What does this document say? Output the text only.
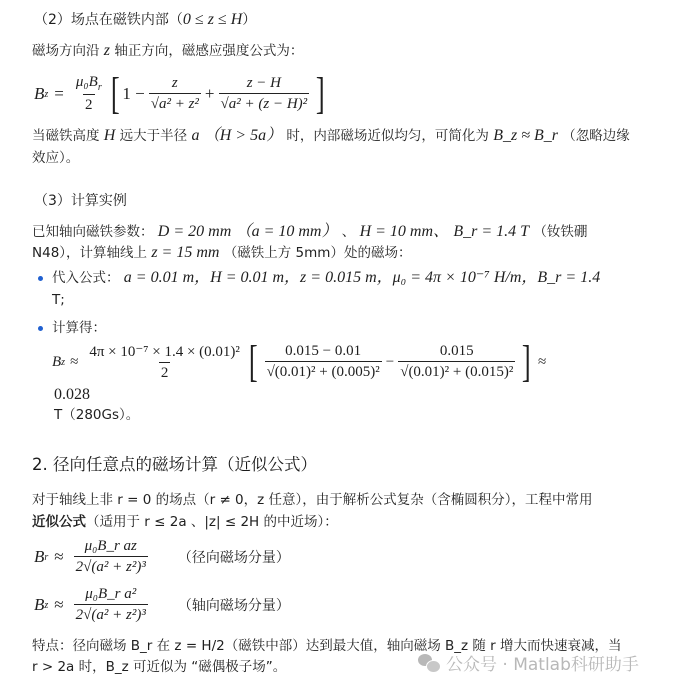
（2）场点在磁铁内部（0 ≤ z ≤ H）
磁场方向沿 z 轴正方向，磁感应强度公式为：
B $z = \frac{\mu_0B_r}{2}$ [ $1 - \frac{z}{\text{√a² + z²}} + \frac{z - H}{\text{√a² + (z − H)²}}$ ]
当磁铁高度 H 远大于半径 a （H > 5a） 时，内部磁场近似均匀，可简化为 B_z ≈ B_r （忽略边缘
效应）。
（3）计算实例
已知轴向磁铁参数： D = 20 mm （a = 10 mm） 、 H = 10 mm、 B_r = 1.4 T （钕铁硼
N48），计算轴线上 z = 15 mm （磁铁上方 5mm）处的磁场：
代入公式： a = 0.01 m，H = 0.01 m，z = 0.015 m，μ₀ = 4π × 10⁻⁷ H/m，B_r = 1.4
T;
计算得：
B $z \approx \frac{\text{4π × 10⁻⁷ × 1.4 × (0.01)²}}{2}$ [ $\frac{0.015 - 0.01}{\text{√(0.01)² + (0.005)²}} - \frac{0.015}{\text{√(0.01)² + (0.015)²}}$ ] ≈
0.028
T（280Gs）。
2. 径向任意点的磁场计算（近似公式）
对于轴线上非 r = 0 的场点（r ≠ 0，z 任意），由于解析公式复杂（含椭圆积分），工程中常用
近似公式（适用于 r ≤ 2a 、|z| ≤ 2H 的中近场）：
B $r \approx \frac{\text{μ₀B\_r az}}{\text{2√(a² + z²)³}}$ （径向磁场分量）
B $z \approx \frac{\text{μ₀B\_r a²}}{\text{2√(a² + z²)³}}$ （轴向磁场分量）
特点：径向磁场 B_r 在 z = H/2（磁铁中部）达到最大值，轴向磁场 B_z 随 r 增大而快速衰减，当
r > 2a 时，B_z 可近似为 “磁偶极子场”。	公众号 · Matlab科研助手
